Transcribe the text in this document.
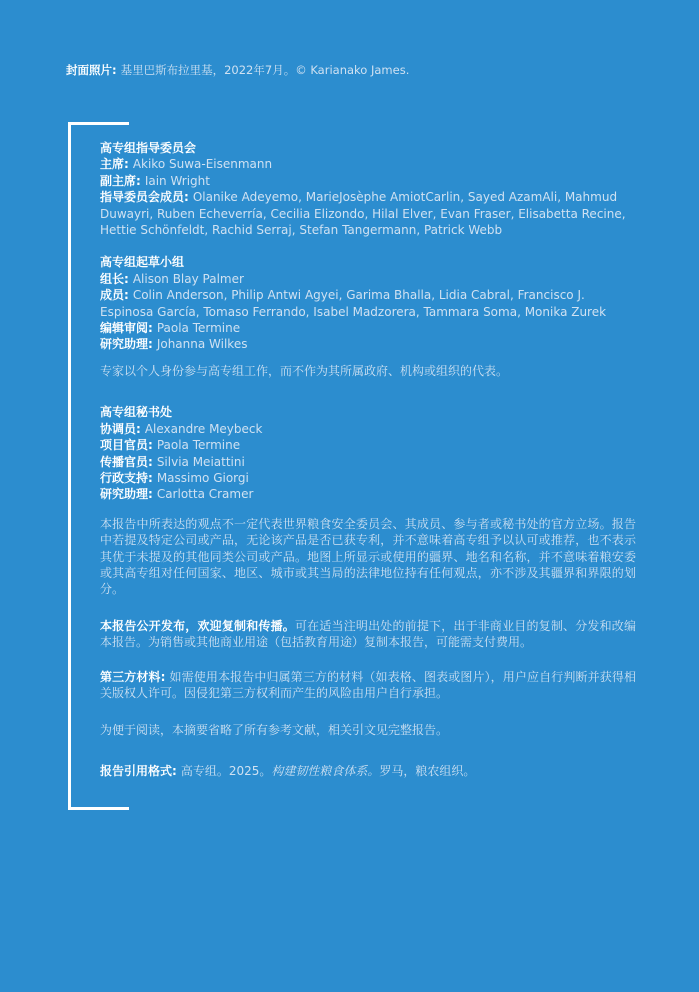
封面照片: 基里巴斯布拉里基，2022年7月。© Karianako James.
高专组指导委员会
主席: Akiko Suwa-Eisenmann
副主席: Iain Wright
指导委员会成员: Olanike Adeyemo, MarieJosèphe AmiotCarlin, Sayed AzamAli, Mahmud Duwayri, Ruben Echeverría, Cecilia Elizondo, Hilal Elver, Evan Fraser, Elisabetta Recine, Hettie Schönfeldt, Rachid Serraj, Stefan Tangermann, Patrick Webb
高专组起草小组
组长: Alison Blay Palmer
成员: Colin Anderson, Philip Antwi Agyei, Garima Bhalla, Lidia Cabral, Francisco J. Espinosa García, Tomaso Ferrando, Isabel Madzorera, Tammara Soma, Monika Zurek
编辑审阅: Paola Termine
研究助理: Johanna Wilkes
专家以个人身份参与高专组工作，而不作为其所属政府、机构或组织的代表。
高专组秘书处
协调员: Alexandre Meybeck
项目官员: Paola Termine
传播官员: Silvia Meiattini
行政支持: Massimo Giorgi
研究助理: Carlotta Cramer
本报告中所表达的观点不一定代表世界粮食安全委员会、其成员、参与者或秘书处的官方立场。报告中若提及特定公司或产品，无论该产品是否已获专利，并不意味着高专组予以认可或推荐，也不表示其优于未提及的其他同类公司或产品。地图上所显示或使用的疆界、地名和名称，并不意味着粮安委或其高专组对任何国家、地区、城市或其当局的法律地位持有任何观点，亦不涉及其疆界和界限的划分。
本报告公开发布，欢迎复制和传播。可在适当注明出处的前提下，出于非商业目的复制、分发和改编本报告。为销售或其他商业用途（包括教育用途）复制本报告，可能需支付费用。
第三方材料: 如需使用本报告中归属第三方的材料（如表格、图表或图片），用户应自行判断并获得相关版权人许可。因侵犯第三方权利而产生的风险由用户自行承担。
为便于阅读，本摘要省略了所有参考文献，相关引文见完整报告。
报告引用格式: 高专组。2025。构建韧性粮食体系。罗马，粮农组织。
